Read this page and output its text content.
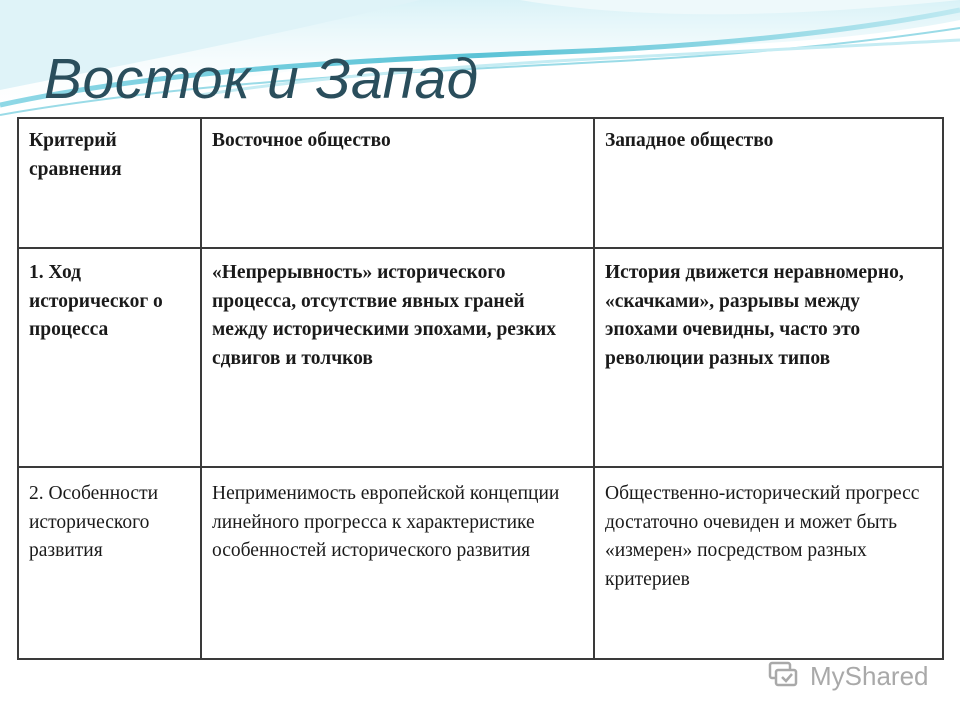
Восток и Запад
Критерий сравнения	Восточное общество	Западное общество
1. Ход историческог о процесса	«Непрерывность» исторического процесса, отсутствие явных граней между историческими эпохами, резких сдвигов и толчков	История движется неравномерно, «скачками», разрывы между эпохами очевидны, часто это революции разных типов
2. Особенности исторического развития	Неприменимость европейской концепции линейного прогресса к характеристике особенностей исторического развития	Общественно-исторический прогресс достаточно очевиден и может быть «измерен» посредством разных критериев
MyShared
